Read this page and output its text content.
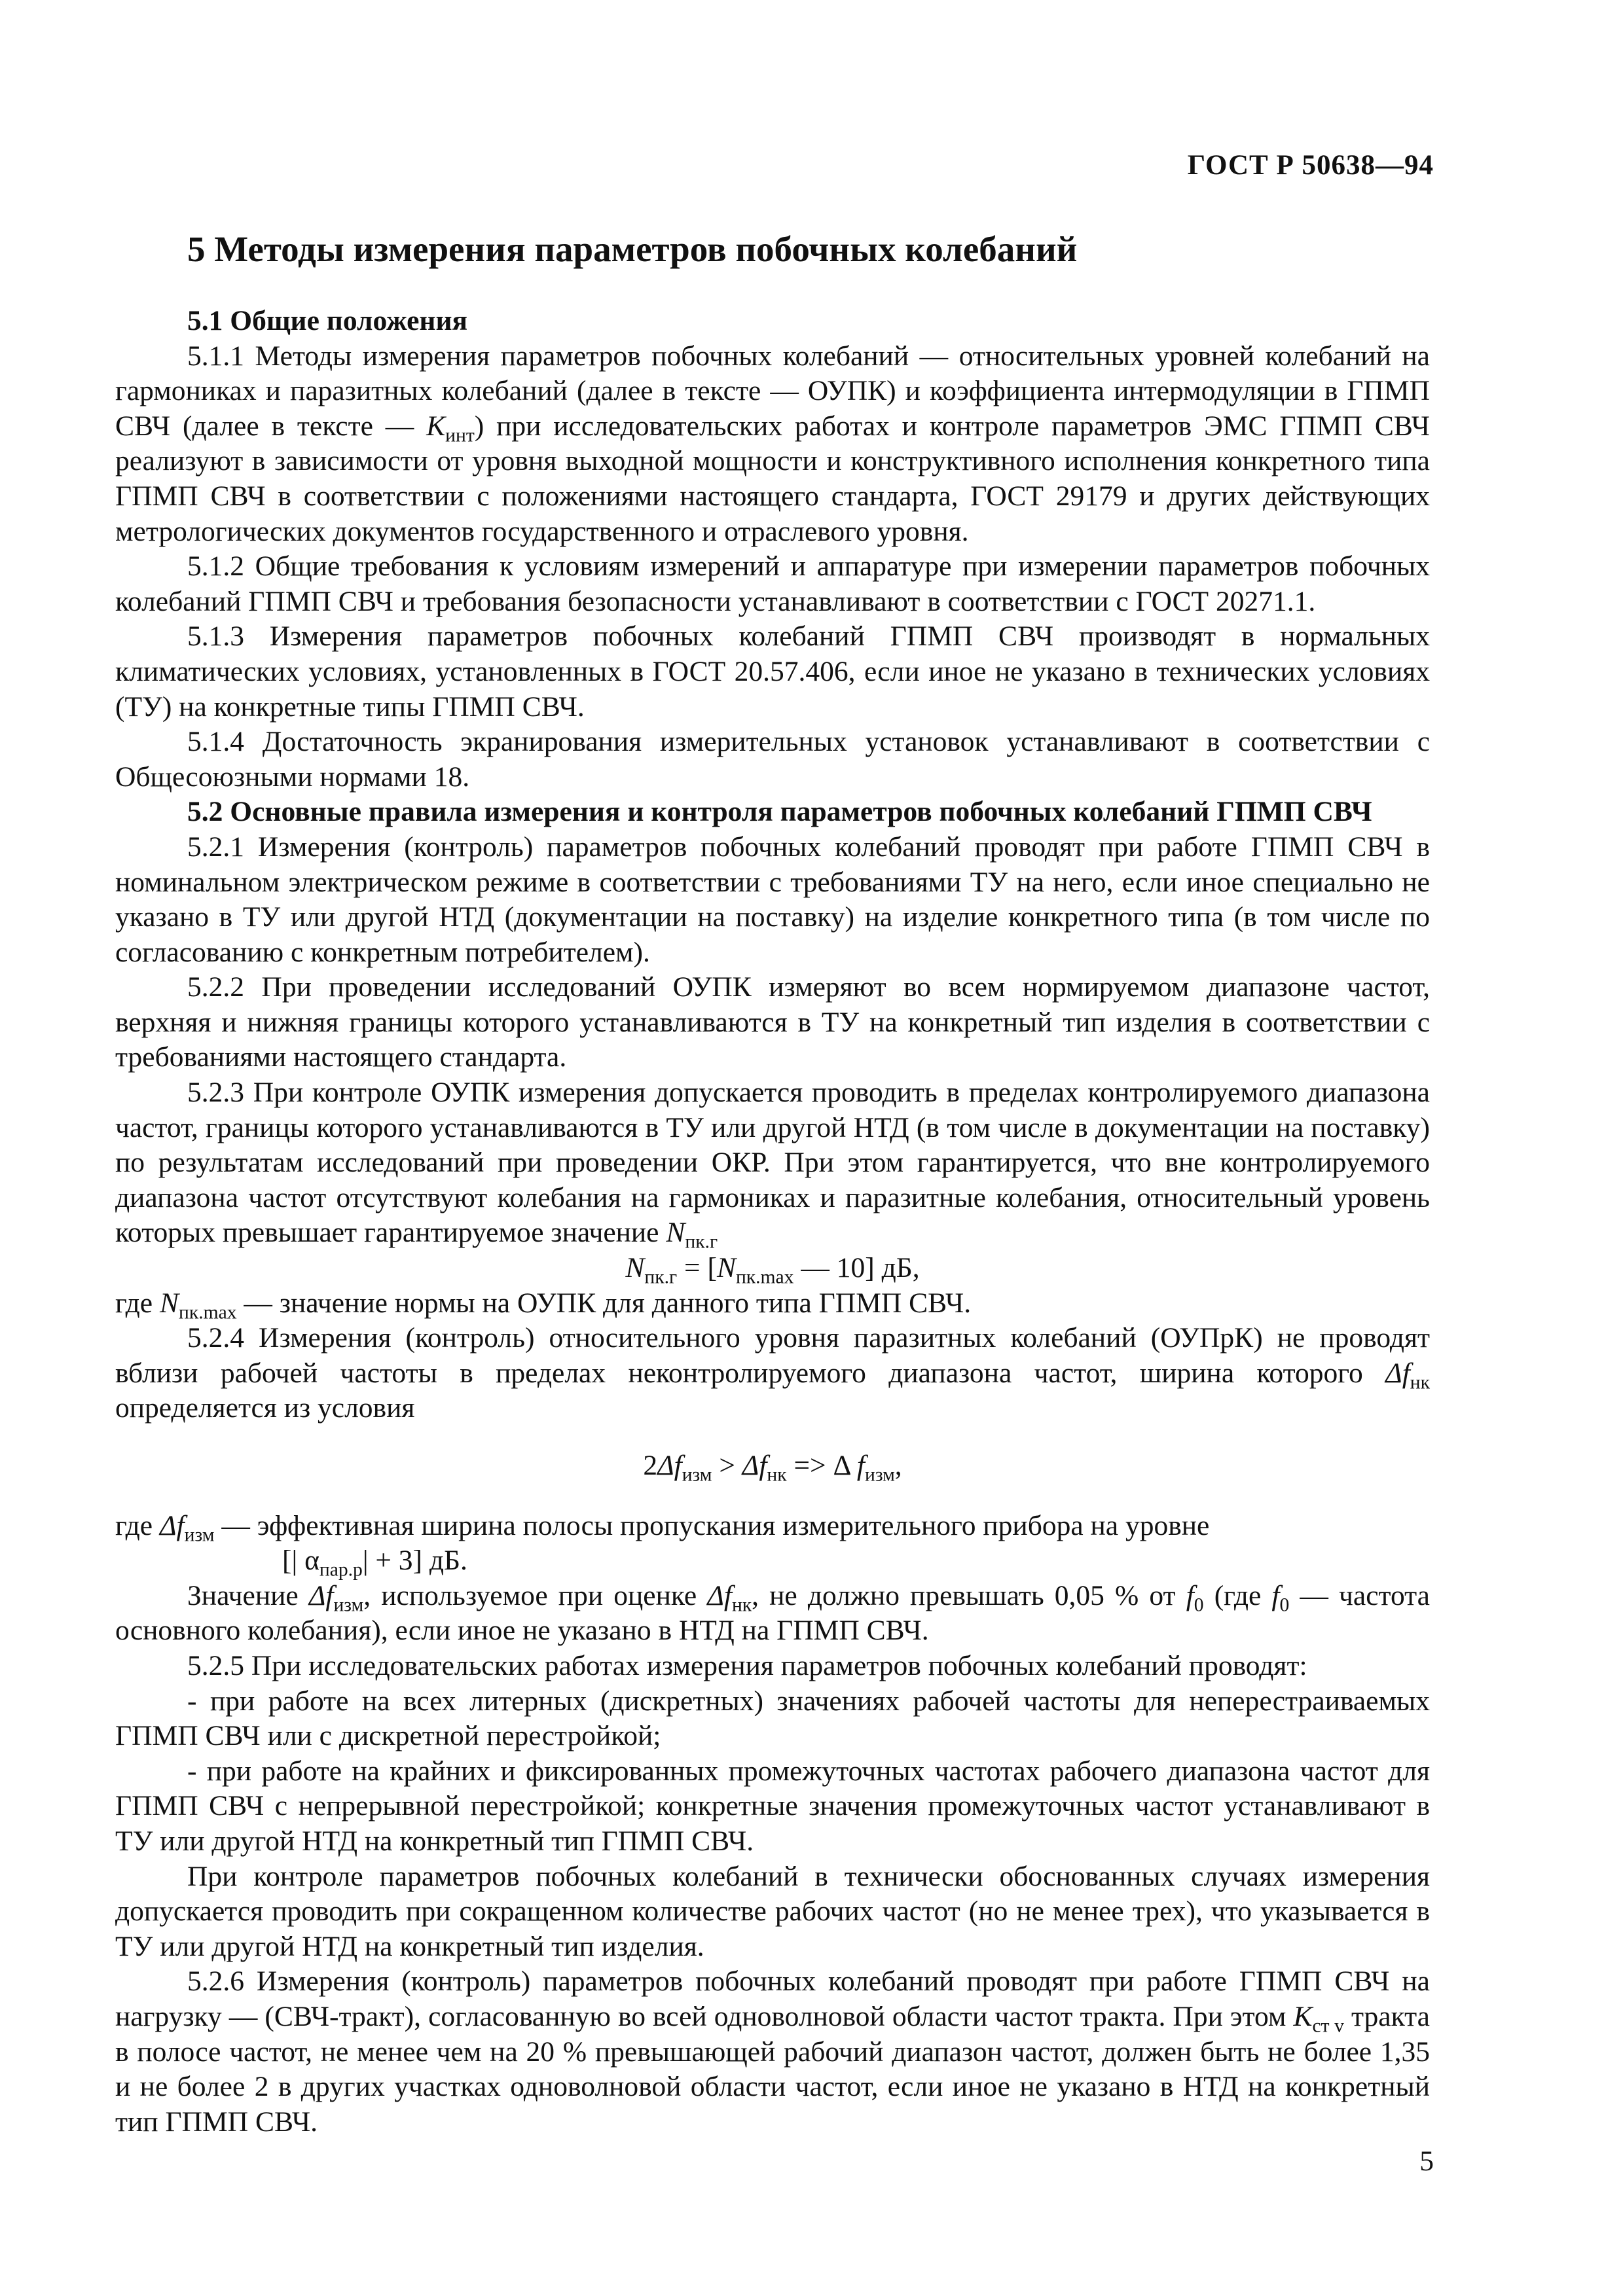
ГОСТ Р 50638—94
5 Методы измерения параметров побочных колебаний
5.1 Общие положения

5.1.1 Методы измерения параметров побочных колебаний — относительных уровней колебаний на гармониках и паразитных колебаний (далее в тексте — ОУПК) и коэффициента интермодуляции в ГПМП СВЧ (далее в тексте — $K_{инт}$) при исследовательских работах и контроле параметров ЭМС ГПМП СВЧ реализуют в зависимости от уровня выходной мощности и конструктивного исполнения конкретного типа ГПМП СВЧ в соответствии с положениями настоящего стандарта, ГОСТ 29179 и других действующих метрологических документов государственного и отраслевого уровня.

5.1.2 Общие требования к условиям измерений и аппаратуре при измерении параметров побочных колебаний ГПМП СВЧ и требования безопасности устанавливают в соответствии с ГОСТ 20271.1.

5.1.3 Измерения параметров побочных колебаний ГПМП СВЧ производят в нормальных климатических условиях, установленных в ГОСТ 20.57.406, если иное не указано в технических условиях (ТУ) на конкретные типы ГПМП СВЧ.

5.1.4 Достаточность экранирования измерительных установок устанавливают в соответствии с Общесоюзными нормами 18.

5.2 Основные правила измерения и контроля параметров побочных колебаний ГПМП СВЧ

5.2.1 Измерения (контроль) параметров побочных колебаний проводят при работе ГПМП СВЧ в номинальном электрическом режиме в соответствии с требованиями ТУ на него, если иное специально не указано в ТУ или другой НТД (документации на поставку) на изделие конкретного типа (в том числе по согласованию с конкретным потребителем).

5.2.2 При проведении исследований ОУПК измеряют во всем нормируемом диапазоне частот, верхняя и нижняя границы которого устанавливаются в ТУ на конкретный тип изделия в соответствии с требованиями настоящего стандарта.

5.2.3 При контроле ОУПК измерения допускается проводить в пределах контролируемого диапазона частот, границы которого устанавливаются в ТУ или другой НТД (в том числе в документации на поставку) по результатам исследований при проведении ОКР. При этом гарантируется, что вне контролируемого диапазона частот отсутствуют колебания на гармониках и паразитные колебания, относительный уровень которых превышает гарантируемое значение $N_{пк.г}$

$N_{пк.г} = [N_{пк.max}$ — 10] дБ,

где $N_{пк.max}$ — значение нормы на ОУПК для данного типа ГПМП СВЧ.

5.2.4 Измерения (контроль) относительного уровня паразитных колебаний (ОУПрК) не проводят вблизи рабочей частоты в пределах неконтролируемого диапазона частот, ширина которого $\Delta f_{нк}$ определяется из условия

$2\Delta f_{изм} > \Delta f_{нк} => \Delta$ $f_{изм}$,

где $\Delta f_{изм}$ — эффективная ширина полосы пропускания измерительного прибора на уровне

[| $\alpha_{пар.р}| + 3$] дБ.

Значение $\Delta f_{изм}$, используемое при оценке $\Delta f_{нк}$, не должно превышать 0,05 % от $f_0$ (где $f_0$ — частота основного колебания), если иное не указано в НТД на ГПМП СВЧ.

5.2.5 При исследовательских работах измерения параметров побочных колебаний проводят:

- при работе на всех литерных (дискретных) значениях рабочей частоты для неперестраиваемых ГПМП СВЧ или с дискретной перестройкой;

- при работе на крайних и фиксированных промежуточных частотах рабочего диапазона частот для ГПМП СВЧ с непрерывной перестройкой; конкретные значения промежуточных частот устанавливают в ТУ или другой НТД на конкретный тип ГПМП СВЧ.

При контроле параметров побочных колебаний в технически обоснованных случаях измерения допускается проводить при сокращенном количестве рабочих частот (но не менее трех), что указывается в ТУ или другой НТД на конкретный тип изделия.

5.2.6 Измерения (контроль) параметров побочных колебаний проводят при работе ГПМП СВЧ на нагрузку — (СВЧ-тракт), согласованную во всей одноволновой области частот тракта. При этом $K_{ст v}$ тракта в полосе частот, не менее чем на 20 % превышающей рабочий диапазон частот, должен быть не более 1,35 и не более 2 в других участках одноволновой области частот, если иное не указано в НТД на конкретный тип ГПМП СВЧ.

5
